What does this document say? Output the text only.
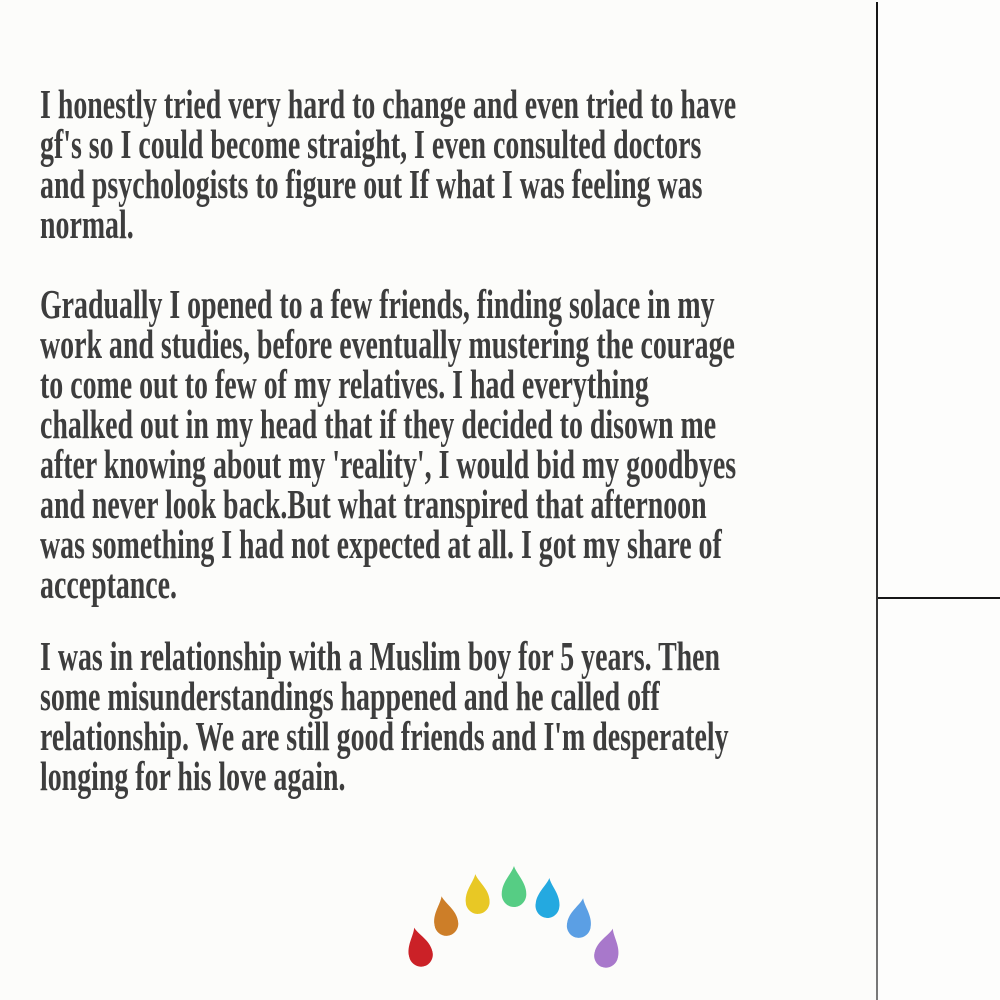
I honestly tried very hard to change and even tried to have
gf's so I could become straight, I even consulted doctors
and psychologists to figure out If what I was feeling was
normal.

Gradually I opened to a few friends, finding solace in my
work and studies, before eventually mustering the courage
to come out to few of my relatives. I had everything
chalked out in my head that if they decided to disown me
after knowing about my 'reality', I would bid my goodbyes
and never look back.But what transpired that afternoon
was something I had not expected at all. I got my share of
acceptance.

I was in relationship with a Muslim boy for 5 years. Then
some misunderstandings happened and he called off
relationship. We are still good friends and I'm desperately
longing for his love again.
